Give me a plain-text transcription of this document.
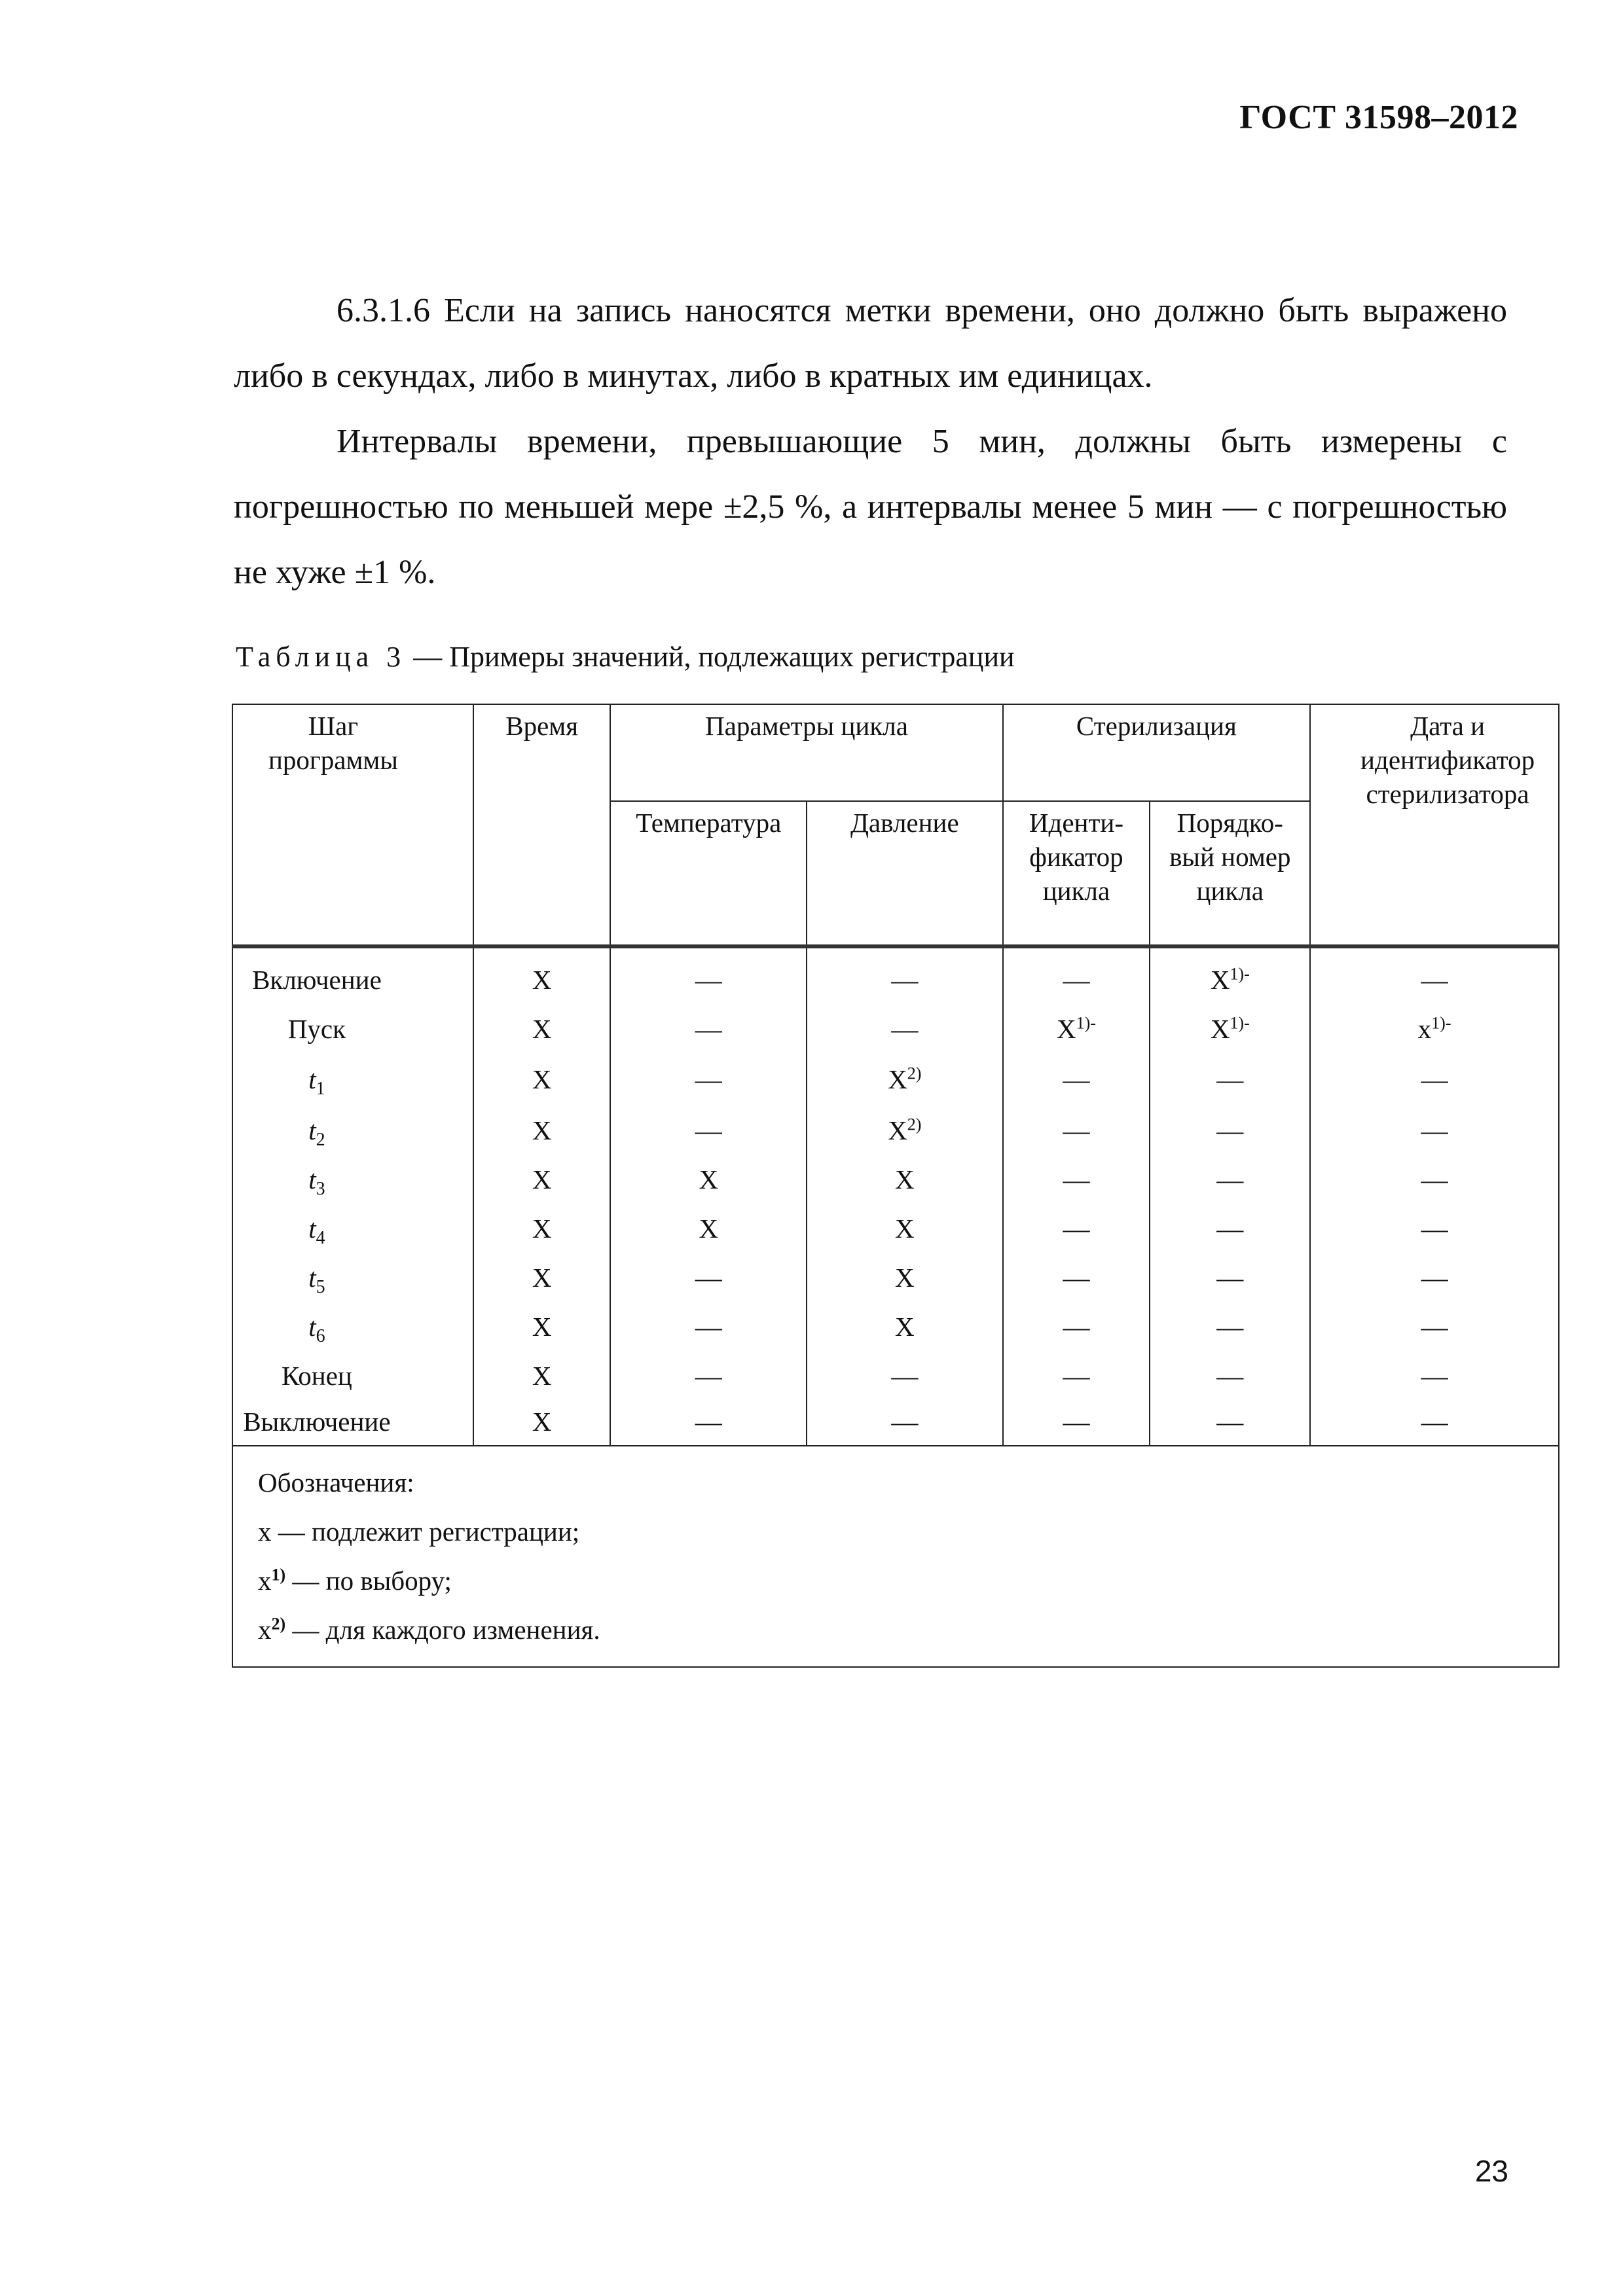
ГОСТ 31598–2012

6.3.1.6 Если на запись наносятся метки времени, оно должно быть выражено либо в секундах, либо в минутах, либо в кратных им единицах.

Интервалы времени, превышающие 5 мин, должны быть измерены с погрешностью по меньшей мере ±2,5 %, а интервалы менее 5 мин — с погрешностью не хуже ±1 %.

Таблица 3 — Примеры значений, подлежащих регистрации
Шаг программы	Время	Параметры цикла		Стерилизация		Дата и идентификатор стерилизатора
		Температура	Давление	Иденти-фикатор цикла	Порядко-вый номер цикла	
Включение	X	—	—	—	$X^{1)-}$	—
Пуск	X	—	—	$X^{1)-}$	$X^{1)-}$	$x^{1)-}$
$t_1$	X	—	$X^{2)}$	—	—	—
$t_2$	X	—	$X^{2)}$	—	—	—
$t_3$	X	X	X	—	—	—
$t_4$	X	X	X	—	—	—
$t_5$	X	—	X	—	—	—
$t_6$	X	—	X	—	—	—
Конец	X	—	—	—	—	—
Выключение	X	—	—	—	—	—

Обозначения:
x — подлежит регистрации;
$x^{1)}$ — по выбору;
$x^{2)}$ — для каждого изменения.						
23
